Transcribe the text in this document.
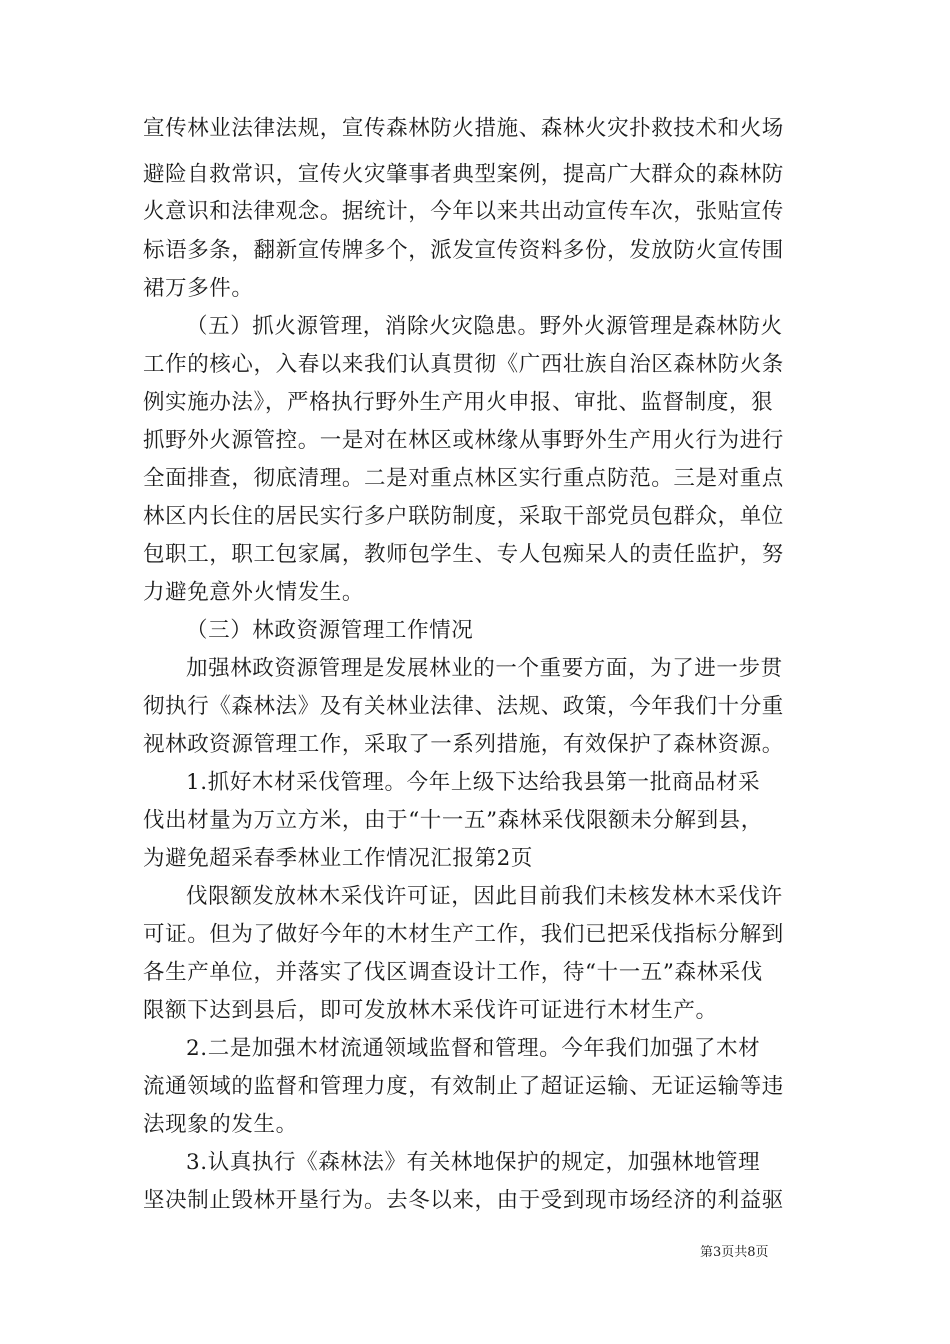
宣传林业法律法规，宣传森林防火措施、森林火灾扑救技术和火场
避险自救常识，宣传火灾肇事者典型案例，提高广大群众的森林防
火意识和法律观念。据统计，今年以来共出动宣传车次，张贴宣传
标语多条，翻新宣传牌多个，派发宣传资料多份，发放防火宣传围
裙万多件。
（五）抓火源管理，消除火灾隐患。野外火源管理是森林防火
工作的核心，入春以来我们认真贯彻《广西壮族自治区森林防火条
例实施办法》，严格执行野外生产用火申报、审批、监督制度，狠
抓野外火源管控。一是对在林区或林缘从事野外生产用火行为进行
全面排查，彻底清理。二是对重点林区实行重点防范。三是对重点
林区内长住的居民实行多户联防制度，采取干部党员包群众，单位
包职工，职工包家属，教师包学生、专人包痴呆人的责任监护，努
力避免意外火情发生。
（三）林政资源管理工作情况
加强林政资源管理是发展林业的一个重要方面，为了进一步贯
彻执行《森林法》及有关林业法律、法规、政策，今年我们十分重
视林政资源管理工作，采取了一系列措施，有效保护了森林资源。
1.抓好木材采伐管理。今年上级下达给我县第一批商品材采
伐出材量为万立方米，由于“十一五”森林采伐限额未分解到县，
为避免超采春季林业工作情况汇报第2页
伐限额发放林木采伐许可证，因此目前我们未核发林木采伐许
可证。但为了做好今年的木材生产工作，我们已把采伐指标分解到
各生产单位，并落实了伐区调查设计工作，待“十一五”森林采伐
限额下达到县后，即可发放林木采伐许可证进行木材生产。
2.二是加强木材流通领域监督和管理。今年我们加强了木材
流通领域的监督和管理力度，有效制止了超证运输、无证运输等违
法现象的发生。
3.认真执行《森林法》有关林地保护的规定，加强林地管理
坚决制止毁林开垦行为。去冬以来，由于受到现市场经济的利益驱
第3页共8页
